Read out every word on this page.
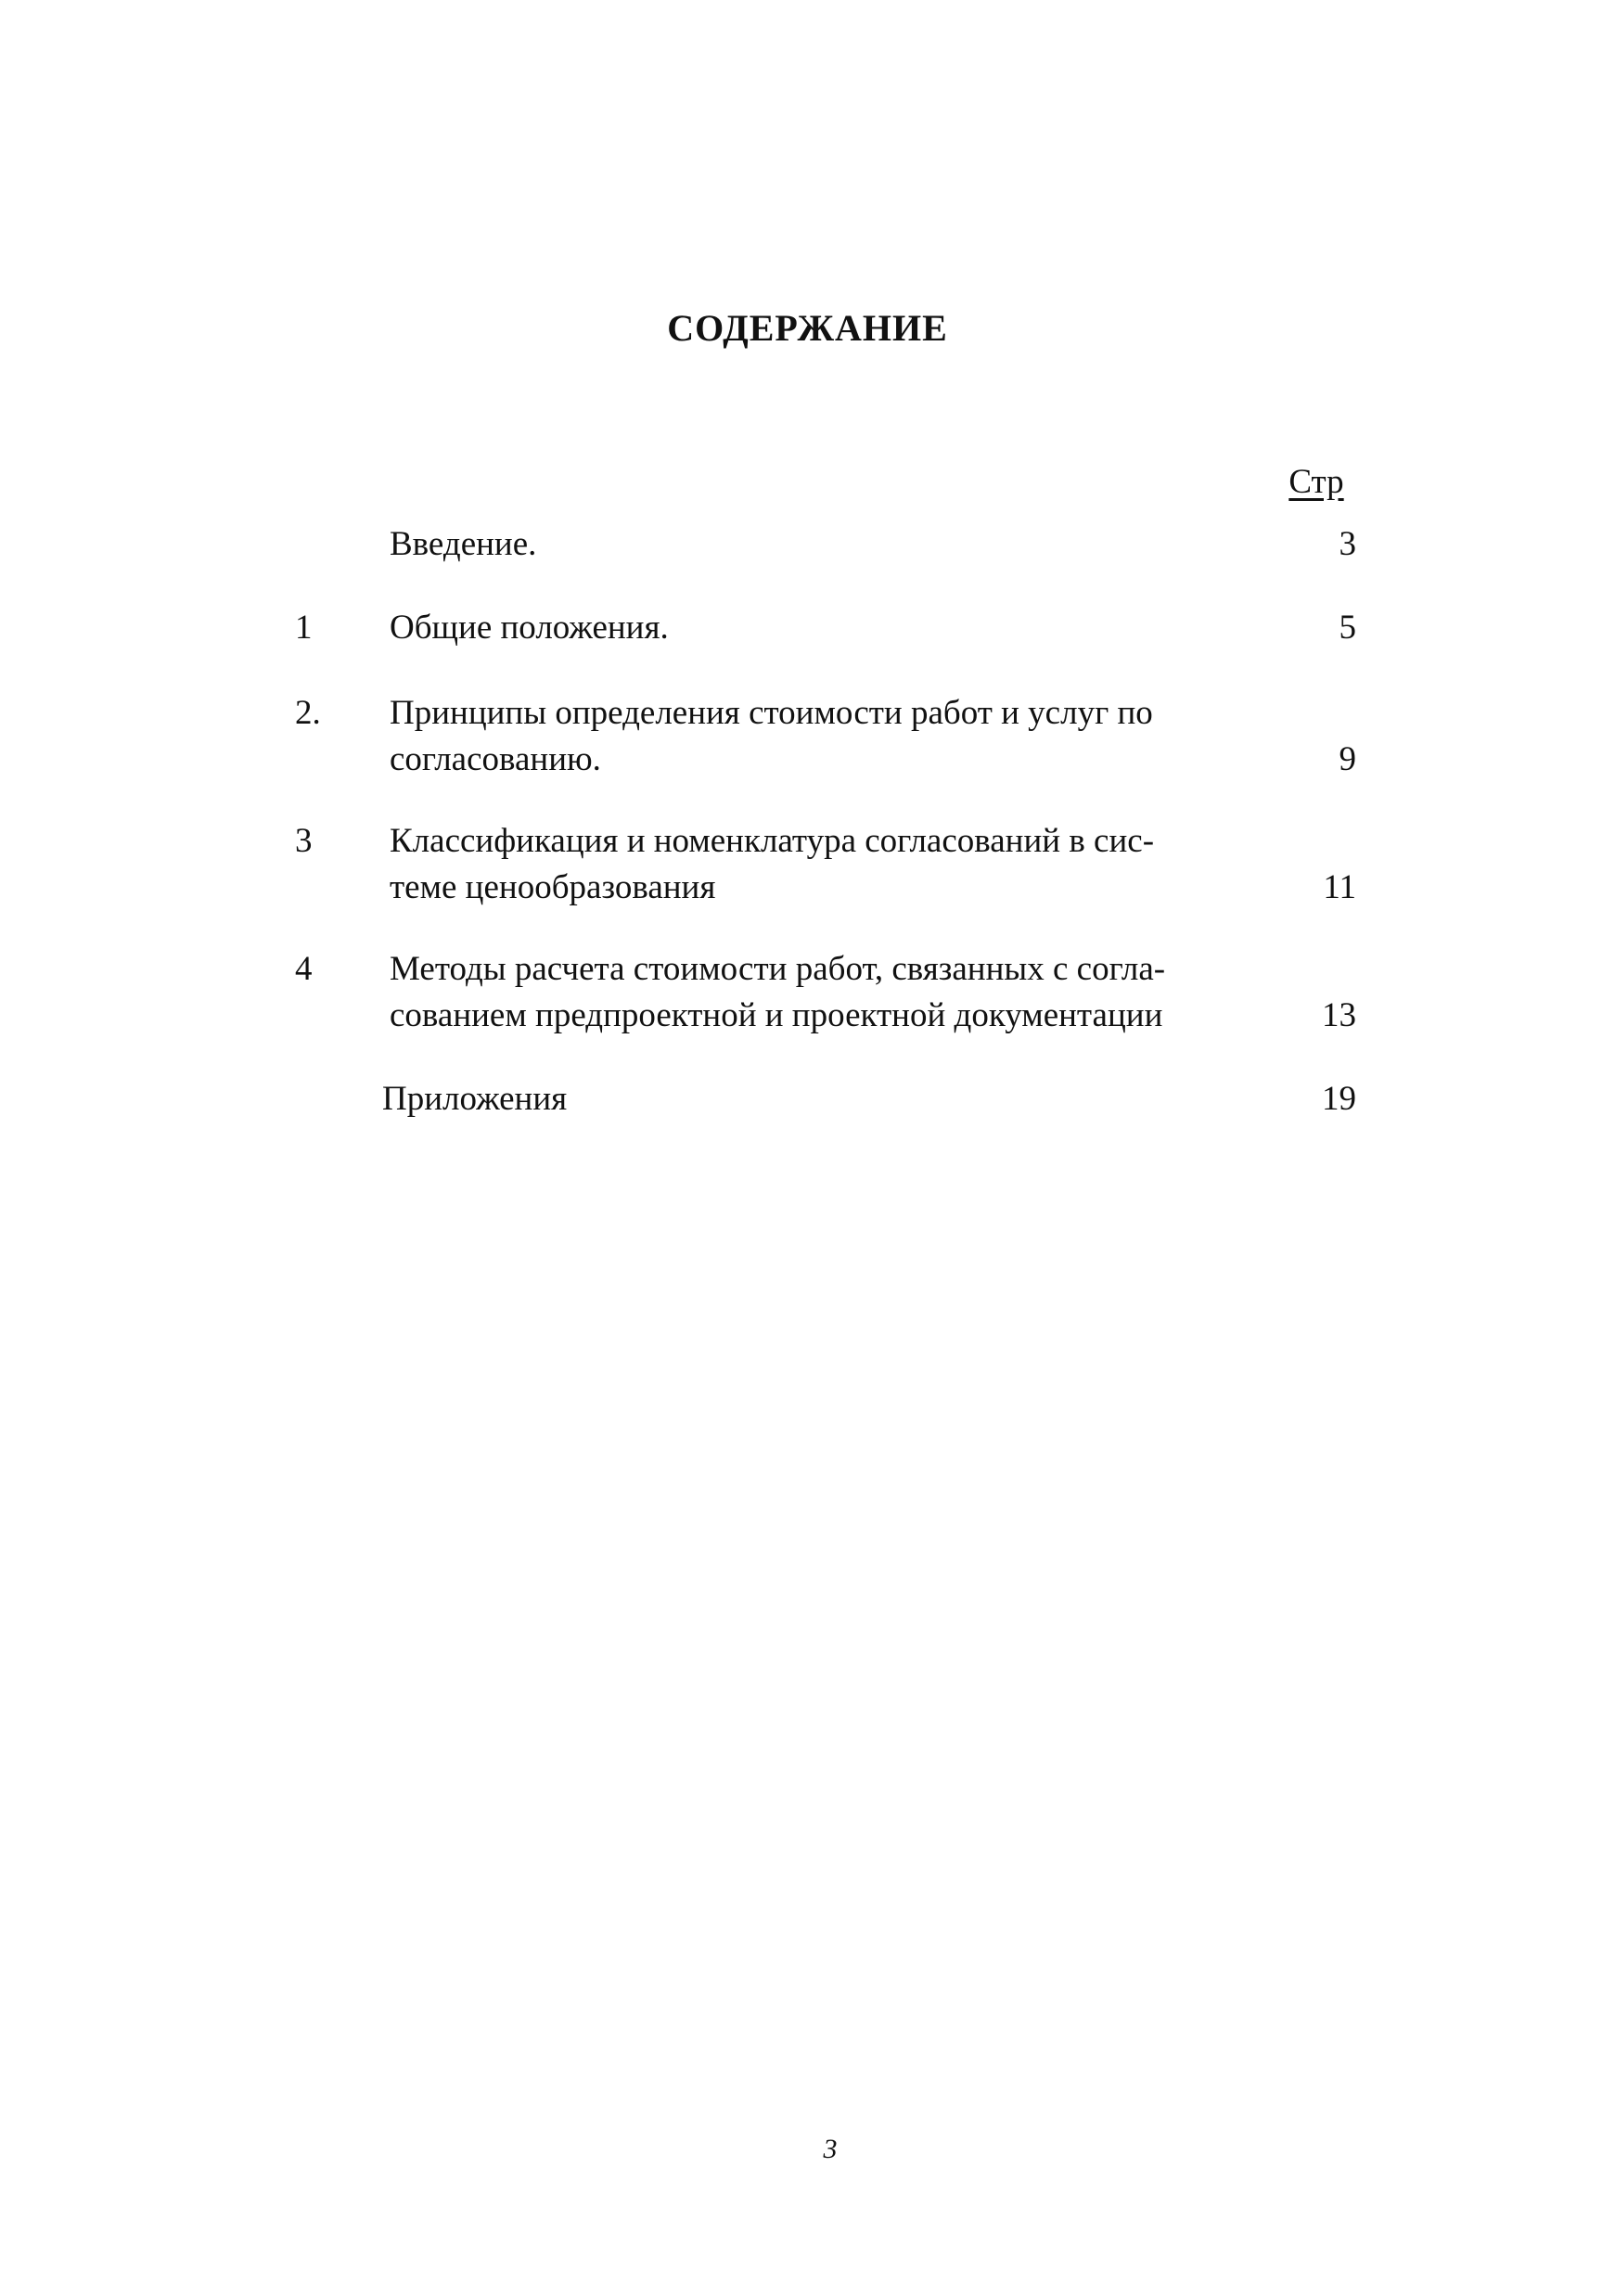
СОДЕРЖАНИЕ
Стр
Введение.	3
1	Общие положения.	5
2.	Принципы определения стоимости работ и услуг по
согласованию.	9
3	Классификация и номенклатура согласований в сис-
теме ценообразования	11
4	Методы расчета стоимости работ, связанных с согла-
сованием предпроектной и проектной документации	13
Приложения	19
3
